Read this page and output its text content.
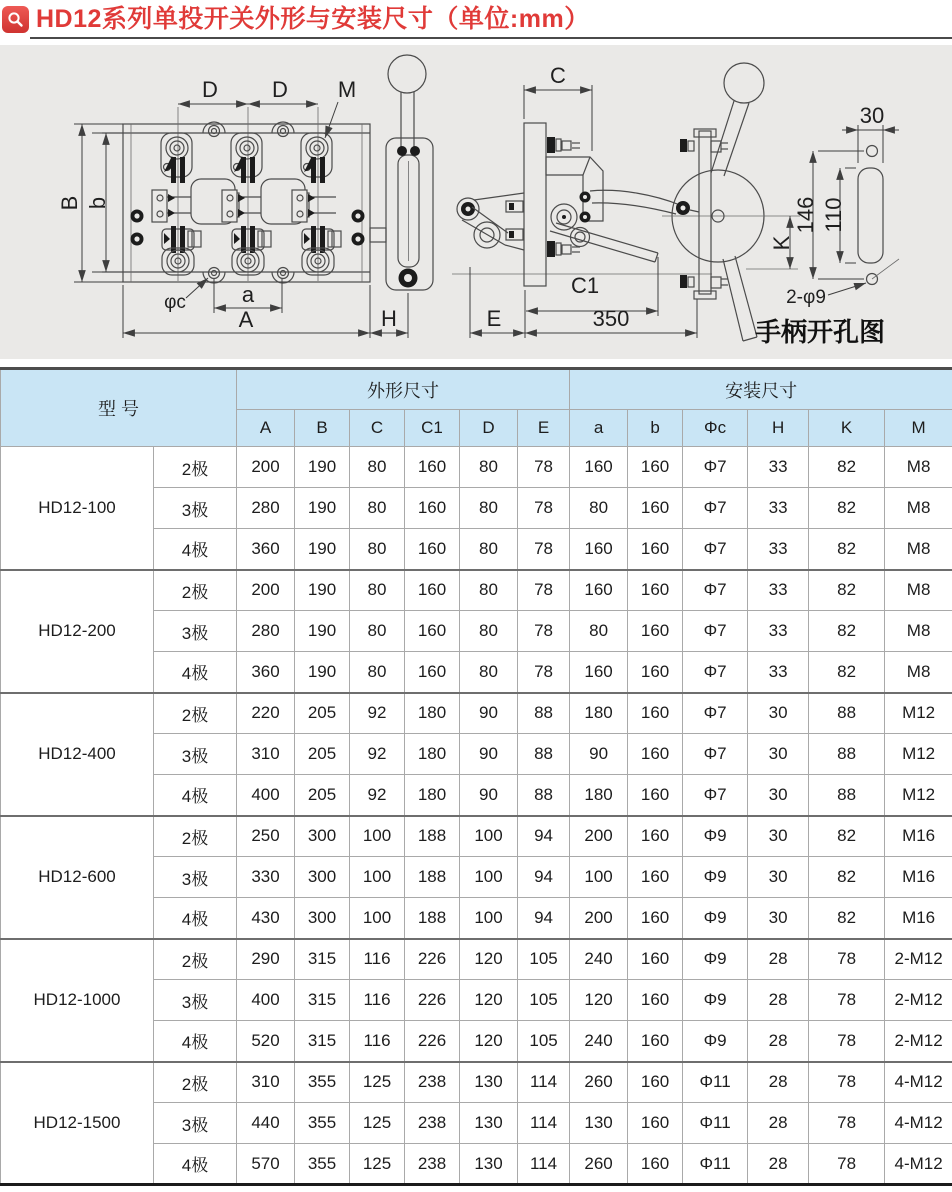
HD12系列单投开关外形与安装尺寸（单位:mm）
D D M
B b
φc	a
A	H
C
C1
E	350
K
30
146 110
2-φ9
手柄开孔图
型 号		外形尺寸						安装尺寸					
		A	B	C	C1	D	E	a	b	Φc	H	K	M
HD12-100	2极	200	190	80	160	80	78	160	160	Φ7	33	82	M8
	3极	280	190	80	160	80	78	80	160	Φ7	33	82	M8
	4极	360	190	80	160	80	78	160	160	Φ7	33	82	M8
HD12-200	2极	200	190	80	160	80	78	160	160	Φ7	33	82	M8
	3极	280	190	80	160	80	78	80	160	Φ7	33	82	M8
	4极	360	190	80	160	80	78	160	160	Φ7	33	82	M8
HD12-400	2极	220	205	92	180	90	88	180	160	Φ7	30	88	M12
	3极	310	205	92	180	90	88	90	160	Φ7	30	88	M12
	4极	400	205	92	180	90	88	180	160	Φ7	30	88	M12
HD12-600	2极	250	300	100	188	100	94	200	160	Φ9	30	82	M16
	3极	330	300	100	188	100	94	100	160	Φ9	30	82	M16
	4极	430	300	100	188	100	94	200	160	Φ9	30	82	M16
HD12-1000	2极	290	315	116	226	120	105	240	160	Φ9	28	78	2-M12
	3极	400	315	116	226	120	105	120	160	Φ9	28	78	2-M12
	4极	520	315	116	226	120	105	240	160	Φ9	28	78	2-M12
HD12-1500	2极	310	355	125	238	130	114	260	160	Φ11	28	78	4-M12
	3极	440	355	125	238	130	114	130	160	Φ11	28	78	4-M12
	4极	570	355	125	238	130	114	260	160	Φ11	28	78	4-M12
